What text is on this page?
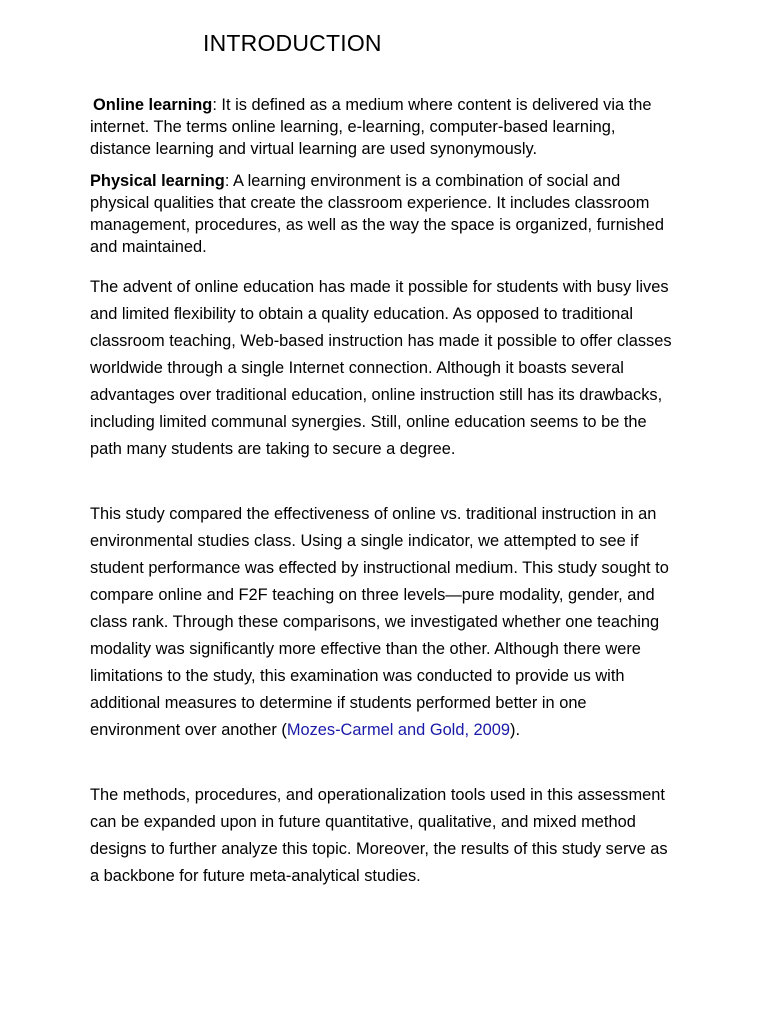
INTRODUCTION

Online learning: It is defined as a medium where content is delivered via the internet. The terms online learning, e-learning, computer-based learning, distance learning and virtual learning are used synonymously.

Physical learning: A learning environment is a combination of social and physical qualities that create the classroom experience. It includes classroom management, procedures, as well as the way the space is organized, furnished and maintained.

The advent of online education has made it possible for students with busy lives and limited flexibility to obtain a quality education. As opposed to traditional classroom teaching, Web-based instruction has made it possible to offer classes worldwide through a single Internet connection. Although it boasts several advantages over traditional education, online instruction still has its drawbacks, including limited communal synergies. Still, online education seems to be the path many students are taking to secure a degree.

This study compared the effectiveness of online vs. traditional instruction in an environmental studies class. Using a single indicator, we attempted to see if student performance was effected by instructional medium. This study sought to compare online and F2F teaching on three levels—pure modality, gender, and class rank. Through these comparisons, we investigated whether one teaching modality was significantly more effective than the other. Although there were limitations to the study, this examination was conducted to provide us with additional measures to determine if students performed better in one environment over another (Mozes-Carmel and Gold, 2009).

The methods, procedures, and operationalization tools used in this assessment can be expanded upon in future quantitative, qualitative, and mixed method designs to further analyze this topic. Moreover, the results of this study serve as a backbone for future meta-analytical studies.
